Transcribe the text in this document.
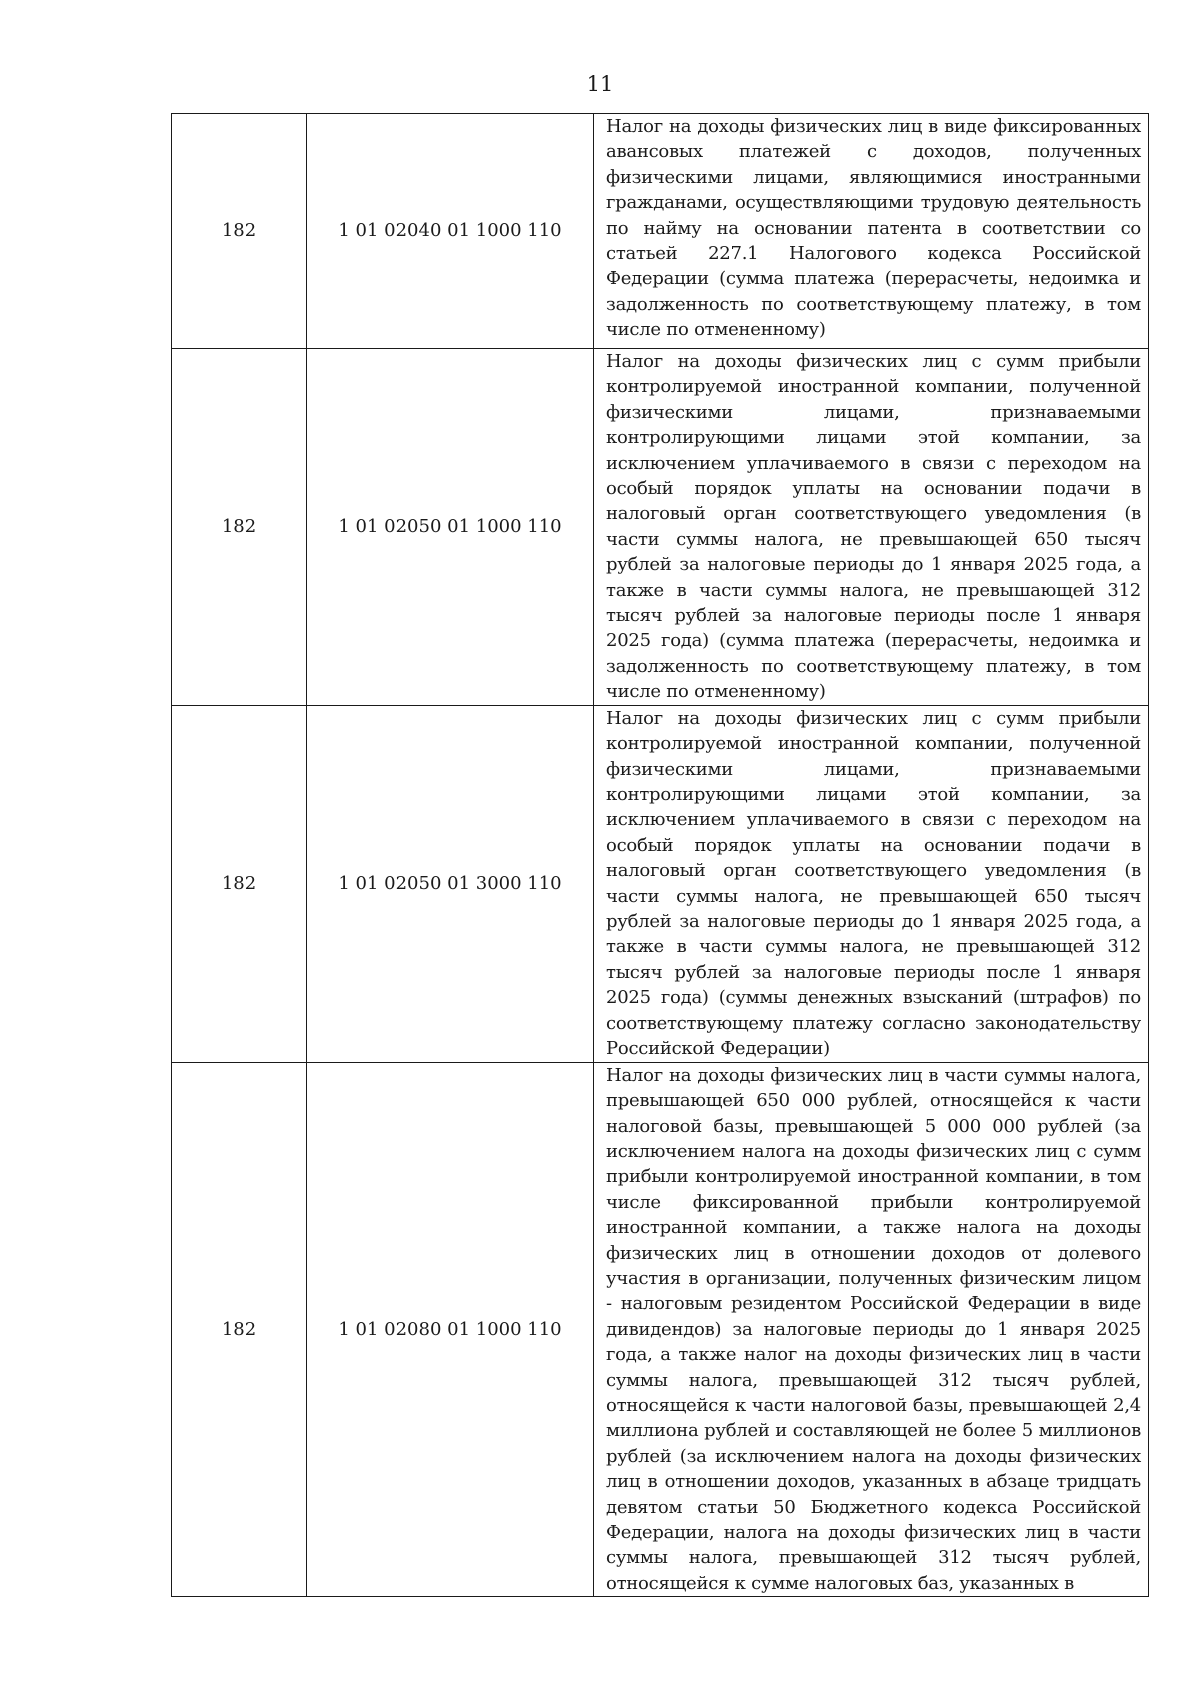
11
182	1 01 02040 01 1000 110	Налог на доходы физических лиц в виде фиксированных авансовых платежей с доходов, полученных физическими лицами, являющимися иностранными гражданами, осуществляющими трудовую деятельность по найму на основании патента в соответствии со статьей 227.1 Налогового кодекса Российской Федерации (сумма платежа (перерасчеты, недоимка и задолженность по соответствующему платежу, в том числе по отмененному)
182	1 01 02050 01 1000 110	Налог на доходы физических лиц с сумм прибыли контролируемой иностранной компании, полученной физическими лицами, признаваемыми контролирующими лицами этой компании, за исключением уплачиваемого в связи с переходом на особый порядок уплаты на основании подачи в налоговый орган соответствующего уведомления (в части суммы налога, не превышающей 650 тысяч рублей за налоговые периоды до 1 января 2025 года, а также в части суммы налога, не превышающей 312 тысяч рублей за налоговые периоды после 1 января 2025 года) (сумма платежа (перерасчеты, недоимка и задолженность по соответствующему платежу, в том числе по отмененному)
182	1 01 02050 01 3000 110	Налог на доходы физических лиц с сумм прибыли контролируемой иностранной компании, полученной физическими лицами, признаваемыми контролирующими лицами этой компании, за исключением уплачиваемого в связи с переходом на особый порядок уплаты на основании подачи в налоговый орган соответствующего уведомления (в части суммы налога, не превышающей 650 тысяч рублей за налоговые периоды до 1 января 2025 года, а также в части суммы налога, не превышающей 312 тысяч рублей за налоговые периоды после 1 января 2025 года) (суммы денежных взысканий (штрафов) по соответствующему платежу согласно законодательству Российской Федерации)
182	1 01 02080 01 1000 110	Налог на доходы физических лиц в части суммы налога, превышающей 650 000 рублей, относящейся к части налоговой базы, превышающей 5 000 000 рублей (за исключением налога на доходы физических лиц с сумм прибыли контролируемой иностранной компании, в том числе фиксированной прибыли контролируемой иностранной компании, а также налога на доходы физических лиц в отношении доходов от долевого участия в организации, полученных физическим лицом - налоговым резидентом Российской Федерации в виде дивидендов) за налоговые периоды до 1 января 2025 года, а также налог на доходы физических лиц в части суммы налога, превышающей 312 тысяч рублей, относящейся к части налоговой базы, превышающей 2,4 миллиона рублей и составляющей не более 5 миллионов рублей (за исключением налога на доходы физических лиц в отношении доходов, указанных в абзаце тридцать девятом статьи 50 Бюджетного кодекса Российской Федерации, налога на доходы физических лиц в части суммы налога, превышающей 312 тысяч рублей, относящейся к сумме налоговых баз, указанных в
